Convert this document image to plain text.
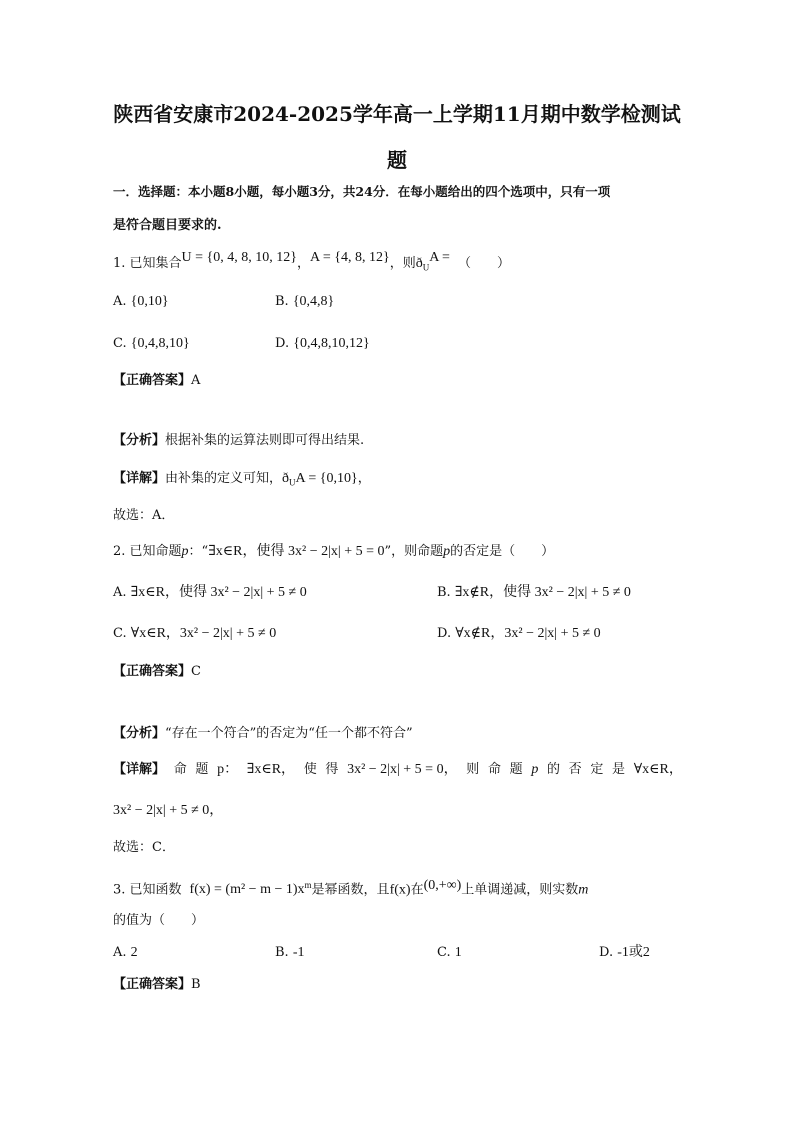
陕西省安康市2024-2025学年高一上学期11月期中数学检测试
题
一．选择题：本小题8小题，每小题3分，共24分．在每小题给出的四个选项中，只有一项
是符合题目要求的.
1. 已知集合U = {0, 4, 8, 10, 12}，A = {4, 8, 12}，则$ð_UA$ = （　　）
A. {0,10}	B. {0,4,8}
C. {0,4,8,10}	D. {0,4,8,10,12}
【正确答案】A
【分析】根据补集的运算法则即可得出结果.
【详解】由补集的定义可知，$ð_UA = \{0,10\}$，
故选：A．
2. 已知命题p：“∃x∈R，使得 3x² − 2|x| + 5 = 0”，则命题p的否定是（　　）
A. ∃x∈R，使得 3x² − 2|x| + 5 ≠ 0	B. ∃x∉R，使得 3x² − 2|x| + 5 ≠ 0
C. ∀x∈R，3x² − 2|x| + 5 ≠ 0	D. ∀x∉R，3x² − 2|x| + 5 ≠ 0
【正确答案】C
【分析】“存在一个符合”的否定为“任一个都不符合”
【详解】 命 题 p： ∃x∈R， 使 得 3x² − 2|x| + 5 = 0， 则 命 题 p 的 否 定 是 ∀x∈R，
3x² − 2|x| + 5 ≠ 0，
故选：C．
3. 已知函数 $f(x) = (m^2 - m - 1)x^m$是幂函数，且f(x)在(0,+∞)上单调递减，则实数m
的值为（　　）
A. 2	B. -1	C. 1	D. -1或2
【正确答案】B
